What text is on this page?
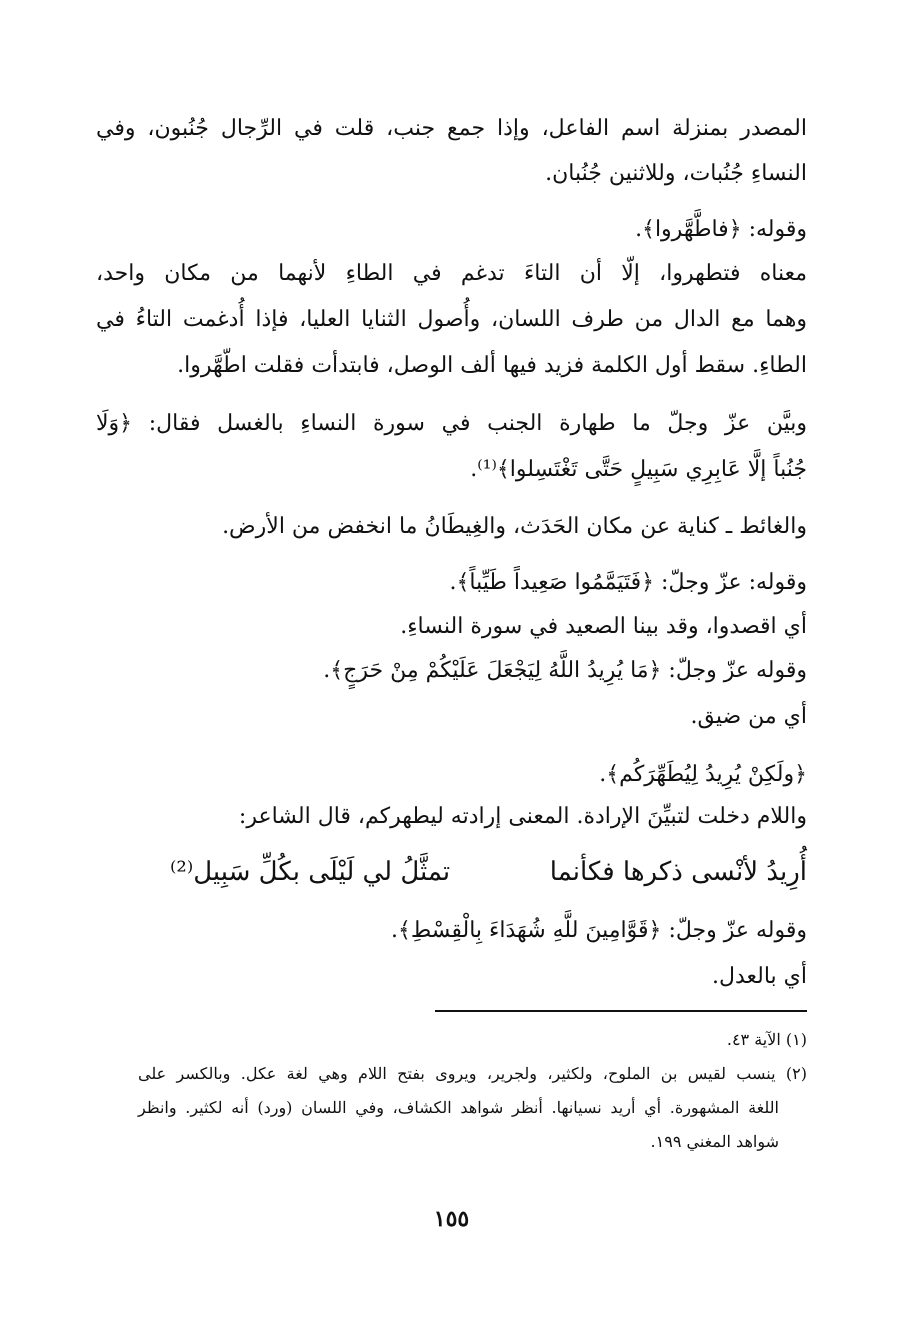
المصدر بمنزلة اسم الفاعل، وإذا جمع جنب، قلت في الرِّجال جُنُبون، وفي

النساءِ جُنُبات، وللاثنين جُنُبان.

وقوله: ﴿فاطَّهَّروا﴾.

معناه فتطهروا، إلّا أن التاءَ تدغم في الطاءِ لأنهما من مكان واحد،

وهما مع الدال من طرف اللسان، وأُصول الثنايا العليا، فإذا أُدغمت التاءُ في

الطاءِ. سقط أول الكلمة فزيد فيها ألف الوصل، فابتدأت فقلت اطّهَّروا.

وبيَّن عزّ وجلّ ما طهارة الجنب في سورة النساءِ بالغسل فقال: ﴿وَلَا

جُنُباً إلَّا عَابِرِي سَبِيلٍ حَتَّى تَغْتَسِلوا﴾⁽¹⁾.

والغائط ـ كناية عن مكان الحَدَث، والغِيطَانُ ما انخفض من الأرض.

وقوله: عزّ وجلّ: ﴿فَتَيَمَّمُوا صَعِيداً طَيِّباً﴾.

أي اقصدوا، وقد بينا الصعيد في سورة النساءِ.

وقوله عزّ وجلّ: ﴿مَا يُرِيدُ اللَّهُ لِيَجْعَلَ عَلَيْكُمْ مِنْ حَرَجٍ﴾.

أي من ضيق.

﴿ولَكِنْ يُرِيدُ لِيُطَهِّرَكُم﴾.

واللام دخلت لتبيِّنَ الإرادة. المعنى إرادته ليطهركم، قال الشاعر:

أُرِيدُ لأنْسى ذكرها فكأنما
تمثَّلُ لي لَيْلَى بكُلِّ سَبِيل⁽²⁾

وقوله عزّ وجلّ: ﴿قَوَّامِينَ للَّهِ شُهَدَاءَ بِالْقِسْطِ﴾.

أي بالعدل.

(١) الآية ٤٣.

(٢) ينسب لقيس بن الملوح، ولكثير، ولجرير، ويروى بفتح اللام وهي لغة عكل. وبالكسر على

اللغة المشهورة. أي أريد نسيانها. أنظر شواهد الكشاف، وفي اللسان (ورد) أنه لكثير. وانظر

شواهد المغني ١٩٩.

١٥٥
